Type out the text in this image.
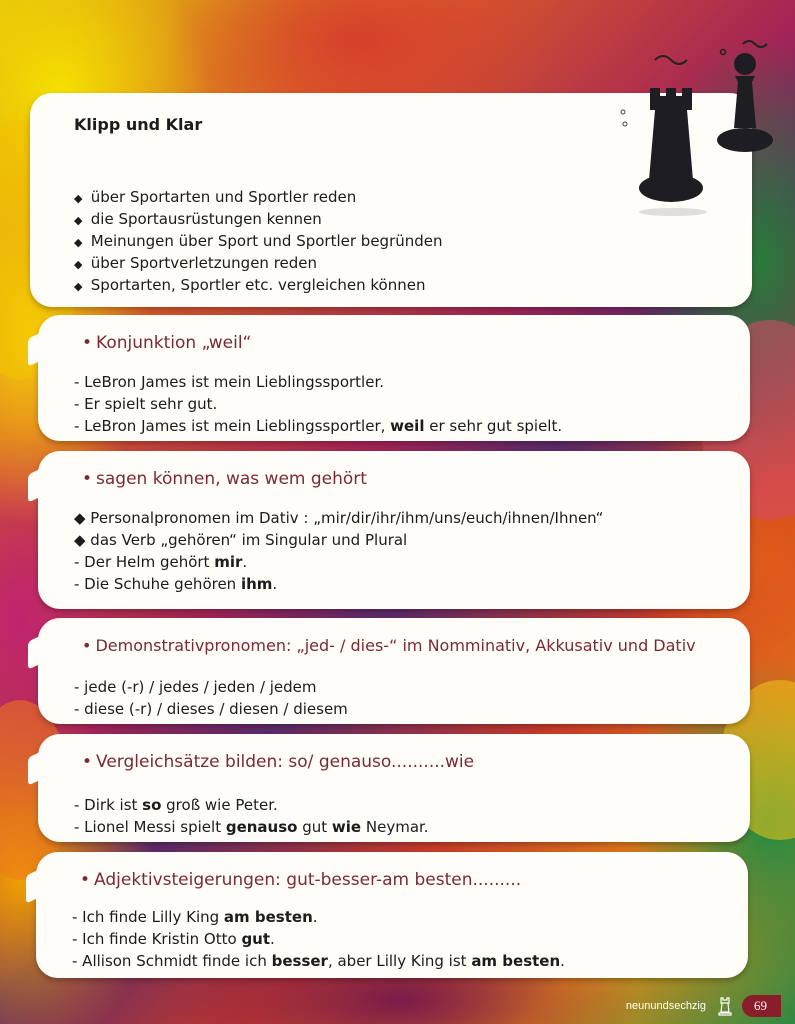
Klipp und Klar
◆ über Sportarten und Sportler reden
◆ die Sportausrüstungen kennen
◆ Meinungen über Sport und Sportler begründen
◆ über Sportverletzungen reden
◆ Sportarten, Sportler etc. vergleichen können
• Konjunktion „weil“
- LeBron James ist mein Lieblingssportler.
- Er spielt sehr gut.
- LeBron James ist mein Lieblingssportler, weil er sehr gut spielt.
• sagen können, was wem gehört
◆ Personalpronomen im Dativ : „mir/dir/ihr/ihm/uns/euch/ihnen/Ihnen“
◆ das Verb „gehören“ im Singular und Plural
- Der Helm gehört mir.
- Die Schuhe gehören ihm.
• Demonstrativpronomen: „jed- / dies-“ im Nomminativ, Akkusativ und Dativ
- jede (-r) / jedes / jeden / jedem
- diese (-r) / dieses / diesen / diesem
• Vergleichsätze bilden: so/ genauso..........wie
- Dirk ist so groß wie Peter.
- Lionel Messi spielt genauso gut wie Neymar.
• Adjektivsteigerungen: gut-besser-am besten.........
- Ich finde Lilly King am besten.
- Ich finde Kristin Otto gut.
- Allison Schmidt finde ich besser, aber Lilly King ist am besten.
neunundsechzig	69
